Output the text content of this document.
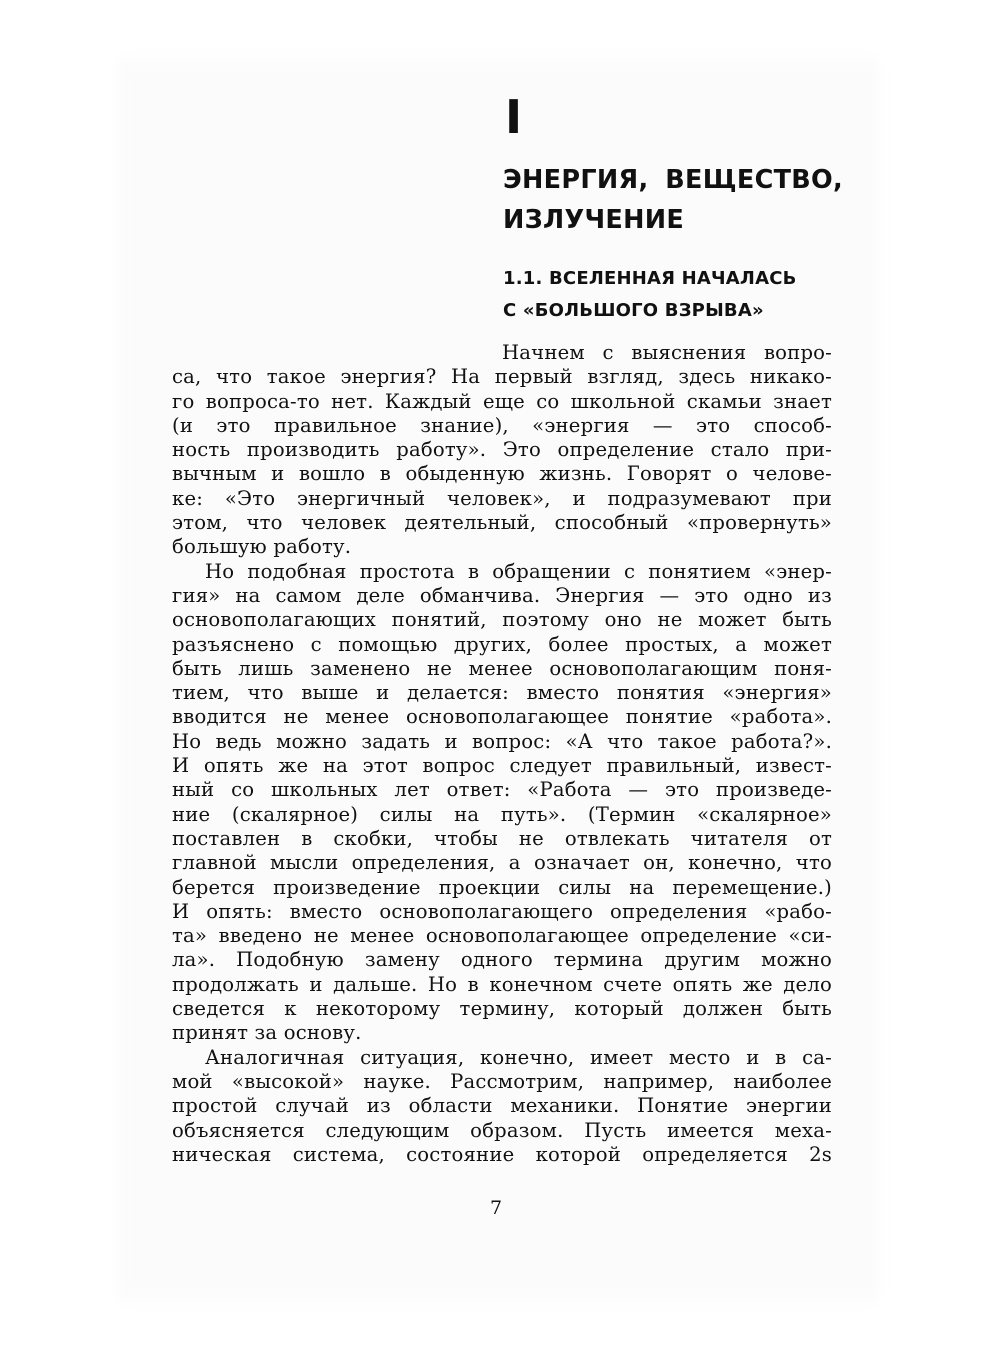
I
ЭНЕРГИЯ, ВЕЩЕСТВО,
ИЗЛУЧЕНИЕ
1.1. ВСЕЛЕННАЯ НАЧАЛАСЬ
С «БОЛЬШОГО ВЗРЫВА»
Начнем с выяснения вопро-
са, что такое энергия? На первый взгляд, здесь никако-
го вопроса-то нет. Каждый еще со школьной скамьи знает
(и это правильное знание), «энергия — это способ-
ность производить работу». Это определение стало при-
вычным и вошло в обыденную жизнь. Говорят о челове-
ке: «Это энергичный человек», и подразумевают при
этом, что человек деятельный, способный «провернуть»
большую работу.
Но подобная простота в обращении с понятием «энер-
гия» на самом деле обманчива. Энергия — это одно из
основополагающих понятий, поэтому оно не может быть
разъяснено с помощью других, более простых, а может
быть лишь заменено не менее основополагающим поня-
тием, что выше и делается: вместо понятия «энергия»
вводится не менее основополагающее понятие «работа».
Но ведь можно задать и вопрос: «А что такое работа?».
И опять же на этот вопрос следует правильный, извест-
ный со школьных лет ответ: «Работа — это произведе-
ние (скалярное) силы на путь». (Термин «скалярное»
поставлен в скобки, чтобы не отвлекать читателя от
главной мысли определения, а означает он, конечно, что
берется произведение проекции силы на перемещение.)
И опять: вместо основополагающего определения «рабо-
та» введено не менее основополагающее определение «си-
ла». Подобную замену одного термина другим можно
продолжать и дальше. Но в конечном счете опять же дело
сведется к некоторому термину, который должен быть
принят за основу.
Аналогичная ситуация, конечно, имеет место и в са-
мой «высокой» науке. Рассмотрим, например, наиболее
простой случай из области механики. Понятие энергии
объясняется следующим образом. Пусть имеется меха-
ническая система, состояние которой определяется 2s
7
